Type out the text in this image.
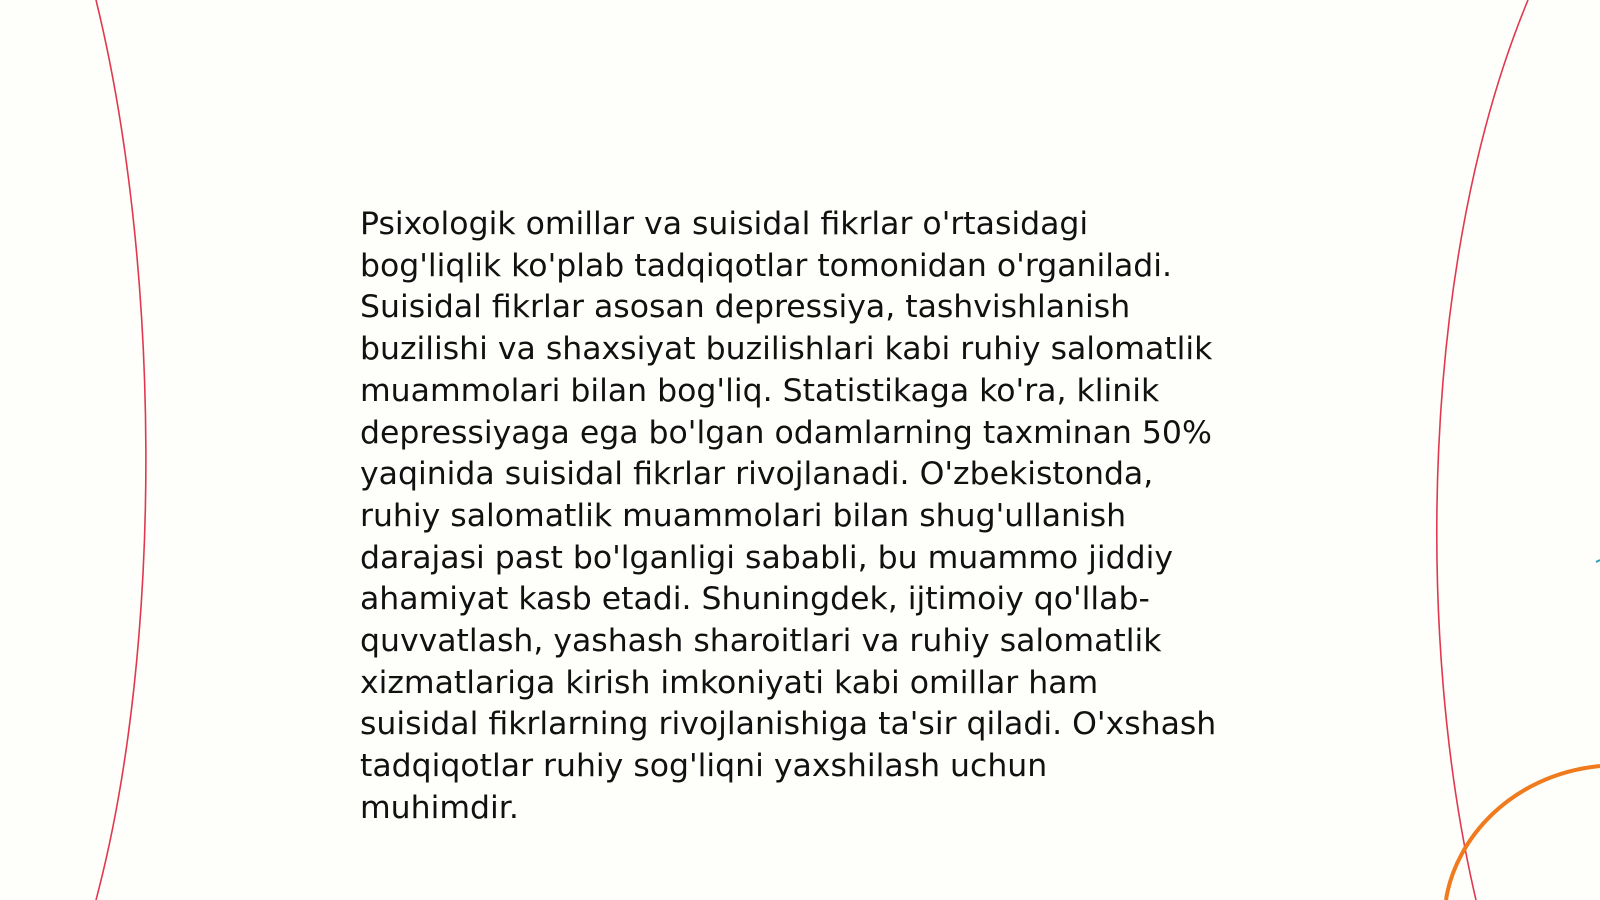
Psixologik omillar va suisidal fikrlar o'rtasidagi
bog'liqlik ko'plab tadqiqotlar tomonidan o'rganiladi.
Suisidal fikrlar asosan depressiya, tashvishlanish
buzilishi va shaxsiyat buzilishlari kabi ruhiy salomatlik
muammolari bilan bog'liq. Statistikaga ko'ra, klinik
depressiyaga ega bo'lgan odamlarning taxminan 50%
yaqinida suisidal fikrlar rivojlanadi. O'zbekistonda,
ruhiy salomatlik muammolari bilan shug'ullanish
darajasi past bo'lganligi sababli, bu muammo jiddiy
ahamiyat kasb etadi. Shuningdek, ijtimoiy qo'llab-
quvvatlash, yashash sharoitlari va ruhiy salomatlik
xizmatlariga kirish imkoniyati kabi omillar ham
suisidal fikrlarning rivojlanishiga ta'sir qiladi. O'xshash
tadqiqotlar ruhiy sog'liqni yaxshilash uchun
muhimdir.
